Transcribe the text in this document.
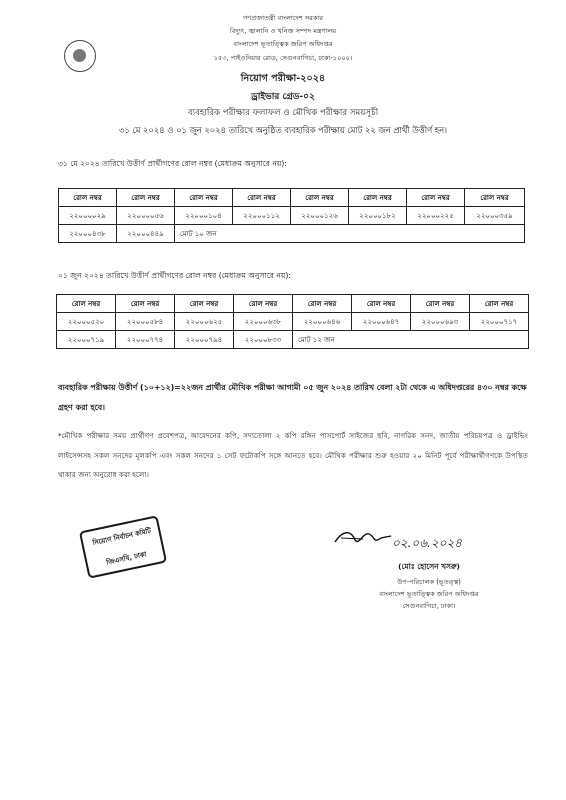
গণপ্রজাতন্ত্রী বাংলাদেশ সরকার
বিদ্যুৎ, জ্বালানি ও খনিজ সম্পদ মন্ত্রণালয়
বাংলাদেশ ভূতাত্ত্বিক জরিপ অধিদপ্তর
১৫৩, পাইওনিয়ার রোড, সেগুনবাগিচা, ঢাকা-১০০০।
নিয়োগ পরীক্ষা-২০২৪
ড্রাইভার গ্রেড-০২
ব্যবহারিক পরীক্ষার ফলাফল ও মৌখিক পরীক্ষার সময়সূচী
৩১ মে ২০২৪ ও ০১ জুন ২০২৪ তারিখে অনুষ্ঠিত ব্যবহারিক পরীক্ষায় মোট ২২ জন প্রার্থী উত্তীর্ণ হন।
৩১ মে ২০২৪ তারিখে উত্তীর্ণ প্রার্থীগণের রোল নম্বর (মেধাক্রম অনুসারে নয়):
রোল নম্বর	রোল নম্বর	রোল নম্বর	রোল নম্বর	রোল নম্বর	রোল নম্বর	রোল নম্বর	রোল নম্বর
২২০০০০২৯	২২০০০০৫৬	২২০০০১০৪	২২০০০১১২	২২০০০১২৬	২২০০০১৮২	২২০০০২২৫	২২০০০৩৫৯
২২০০০৪৩৮	২২০০০৪৪৯	মোট ১০ জন					
০১ জুন ২০২৪ তারিখে উত্তীর্ণ প্রার্থীগণের রোল নম্বর (মেধাক্রম অনুসারে নয়):
রোল নম্বর	রোল নম্বর	রোল নম্বর	রোল নম্বর	রোল নম্বর	রোল নম্বর	রোল নম্বর	রোল নম্বর
২২০০০৫২০	২২০০০৫৮৪	২২০০০৬২৫	২২০০০৬৩৮	২২০০০৬৪৬	২২০০০৬৪৭	২২০০০৬৯৩	২২০০০৭১৭
২২০০০৭১৯	২২০০০৭৭৪	২২০০০৭৯৪	২২০০০৮৩৩	মোট ১২ জন			
ব্যবহারিক পরীক্ষায় উত্তীর্ণ (১০+১২)=২২জন প্রার্থীর মৌখিক পরীক্ষা আগামী ০৫ জুন ২০২৪ তারিখ বেলা ২টা থেকে এ অধিদপ্তরের ৪৩০ নম্বর কক্ষে গ্রহণ করা হবে।
*মৌখিক পরীক্ষার সময় প্রার্থীগণ প্রবেশপত্র, আবেদনের কপি, সদ্যতোলা ২ কপি রঙ্গিন পাসপোর্ট সাইজের ছবি, নাগরিক সনদ, জাতীয় পরিচয়পত্র ও ড্রাইভিং লাইসেন্সসহ সকল সনদের মূলকপি এবং সকল সনদের ১ সেট ফটোকপি সঙ্গে আনতে হবে। মৌখিক পরীক্ষার শুরু হওয়ার ২০ মিনিট পূর্বে পরীক্ষার্থীগণকে উপস্থিত থাকার জন্য অনুরোধ করা হলো।
নিয়োগ নির্বাচন কমিটি
জিএসবি, ঢাকা
০২.০৬.২০২৪
(মোঃ হোসেন খসরু)
উপ-পরিচালক (ভূতত্ত্ব)
বাংলাদেশ ভূতাত্ত্বিক জরিপ অধিদপ্তর
সেগুনবাগিচা, ঢাকা।
